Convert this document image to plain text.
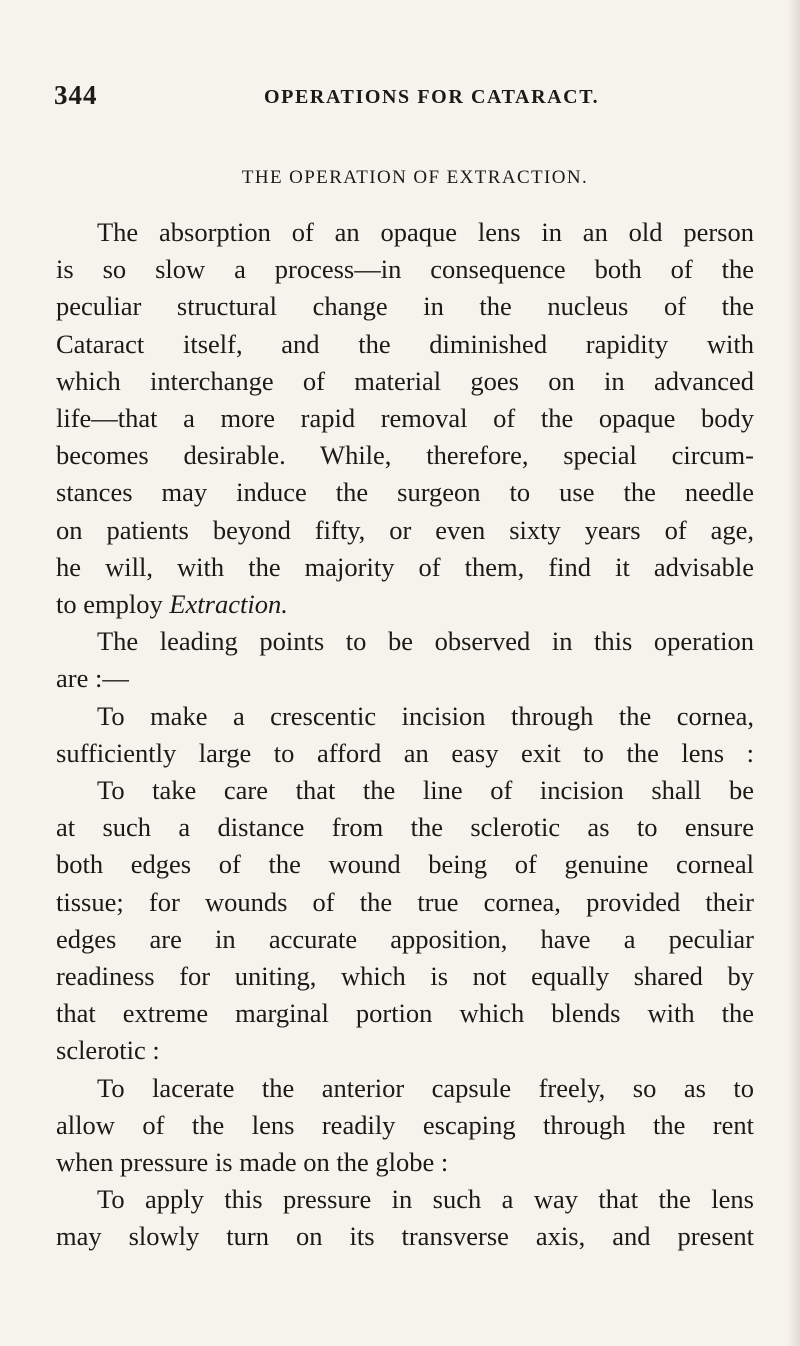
344	OPERATIONS FOR CATARACT.
THE OPERATION OF EXTRACTION.
The absorption of an opaque lens in an old person
is so slow a process—in consequence both of the
peculiar structural change in the nucleus of the
Cataract itself, and the diminished rapidity with
which interchange of material goes on in advanced
life—that a more rapid removal of the opaque body
becomes desirable. While, therefore, special circum-
stances may induce the surgeon to use the needle
on patients beyond fifty, or even sixty years of age,
he will, with the majority of them, find it advisable
to employ Extraction.
The leading points to be observed in this operation
are :—
To make a crescentic incision through the cornea,
sufficiently large to afford an easy exit to the lens :
To take care that the line of incision shall be
at such a distance from the sclerotic as to ensure
both edges of the wound being of genuine corneal
tissue; for wounds of the true cornea, provided their
edges are in accurate apposition, have a peculiar
readiness for uniting, which is not equally shared by
that extreme marginal portion which blends with the
sclerotic :
To lacerate the anterior capsule freely, so as to
allow of the lens readily escaping through the rent
when pressure is made on the globe :
To apply this pressure in such a way that the lens
may slowly turn on its transverse axis, and present
